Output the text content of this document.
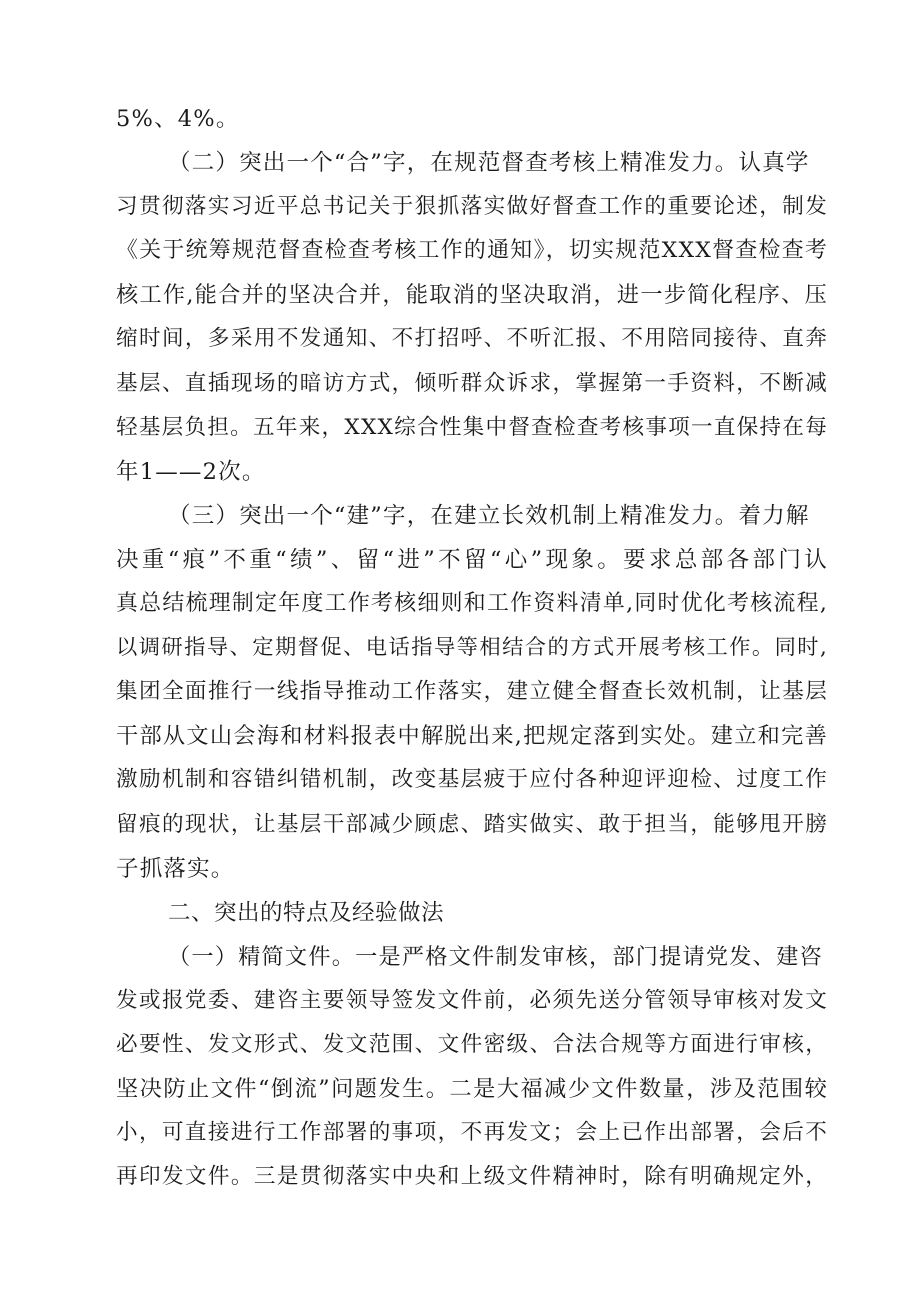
5%、4%。
（二）突出一个“合”字，在规范督查考核上精准发力。认真学
习贯彻落实习近平总书记关于狠抓落实做好督查工作的重要论述，制发
《关于统筹规范督查检查考核工作的通知》，切实规范XXX督查检查考
核工作,能合并的坚决合并，能取消的坚决取消，进一步简化程序、压
缩时间，多采用不发通知、不打招呼、不听汇报、不用陪同接待、直奔
基层、直插现场的暗访方式，倾听群众诉求，掌握第一手资料，不断减
轻基层负担。五年来，XXX综合性集中督查检查考核事项一直保持在每
年1——2次。
（三）突出一个“建”字，在建立长效机制上精准发力。着力解
决重“痕”不重“绩”、留“进”不留“心”现象。要求总部各部门认
真总结梳理制定年度工作考核细则和工作资料清单,同时优化考核流程,
以调研指导、定期督促、电话指导等相结合的方式开展考核工作。同时,
集团全面推行一线指导推动工作落实，建立健全督查长效机制，让基层
干部从文山会海和材料报表中解脱出来,把规定落到实处。建立和完善
激励机制和容错纠错机制，改变基层疲于应付各种迎评迎检、过度工作
留痕的现状，让基层干部减少顾虑、踏实做实、敢于担当，能够甩开膀
子抓落实。
二、突出的特点及经验做法
（一）精简文件。一是严格文件制发审核，部门提请党发、建咨
发或报党委、建咨主要领导签发文件前，必须先送分管领导审核对发文
必要性、发文形式、发文范围、文件密级、合法合规等方面进行审核，
坚决防止文件“倒流”问题发生。二是大福减少文件数量，涉及范围较
小，可直接进行工作部署的事项，不再发文；会上已作出部署，会后不
再印发文件。三是贯彻落实中央和上级文件精神时，除有明确规定外，
